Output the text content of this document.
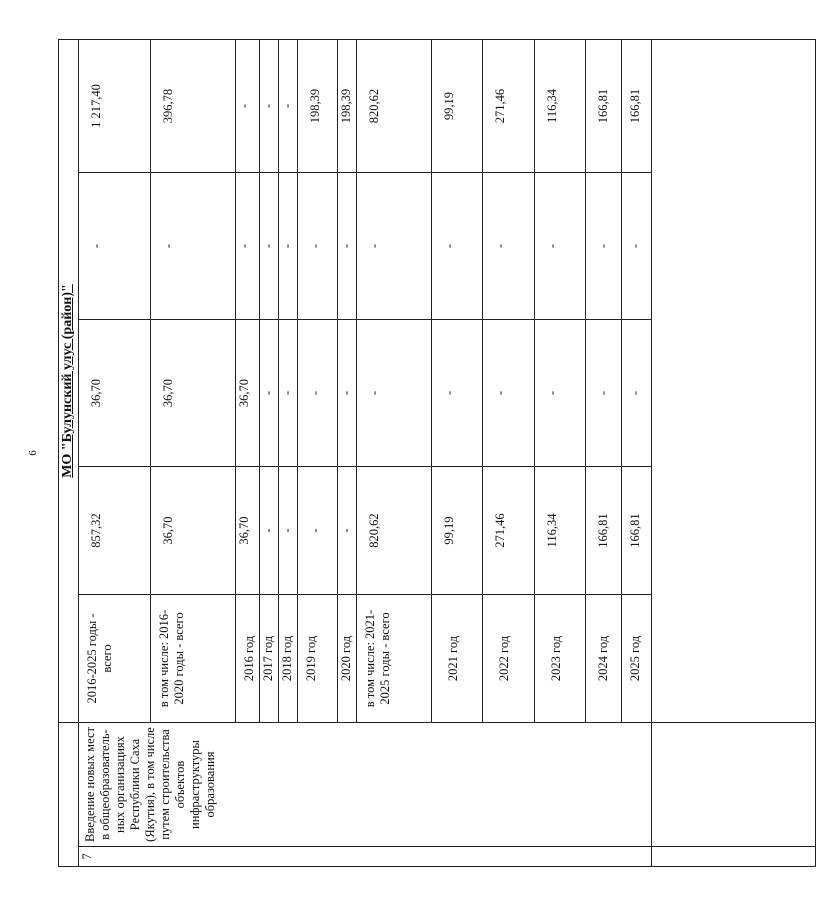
6
		МО "Булунский улус (район)"				
7	Введение новых мест в общеобразователь-ных организациях Республики Саха (Якутия), в том числе путем строительства объектов инфраструктуры образования	2016-2025 годы - всего	857,32	36,70	-	1 217,40
		в том числе: 2016-2020 годы - всего	36,70	36,70	-	396,78
		2016 год	36,70	36,70	-	-
		2017 год	-	-	-	-
		2018 год	-	-	-	-
		2019 год	-	-	-	198,39
		2020 год	-	-	-	198,39
		в том числе: 2021-2025 годы - всего	820,62	-	-	820,62
		2021 год	99,19	-	-	99,19
		2022 год	271,46	-	-	271,46
		2023 год	116,34	-	-	116,34
		2024 год	166,81	-	-	166,81
		2025 год	166,81	-	-	166,81
